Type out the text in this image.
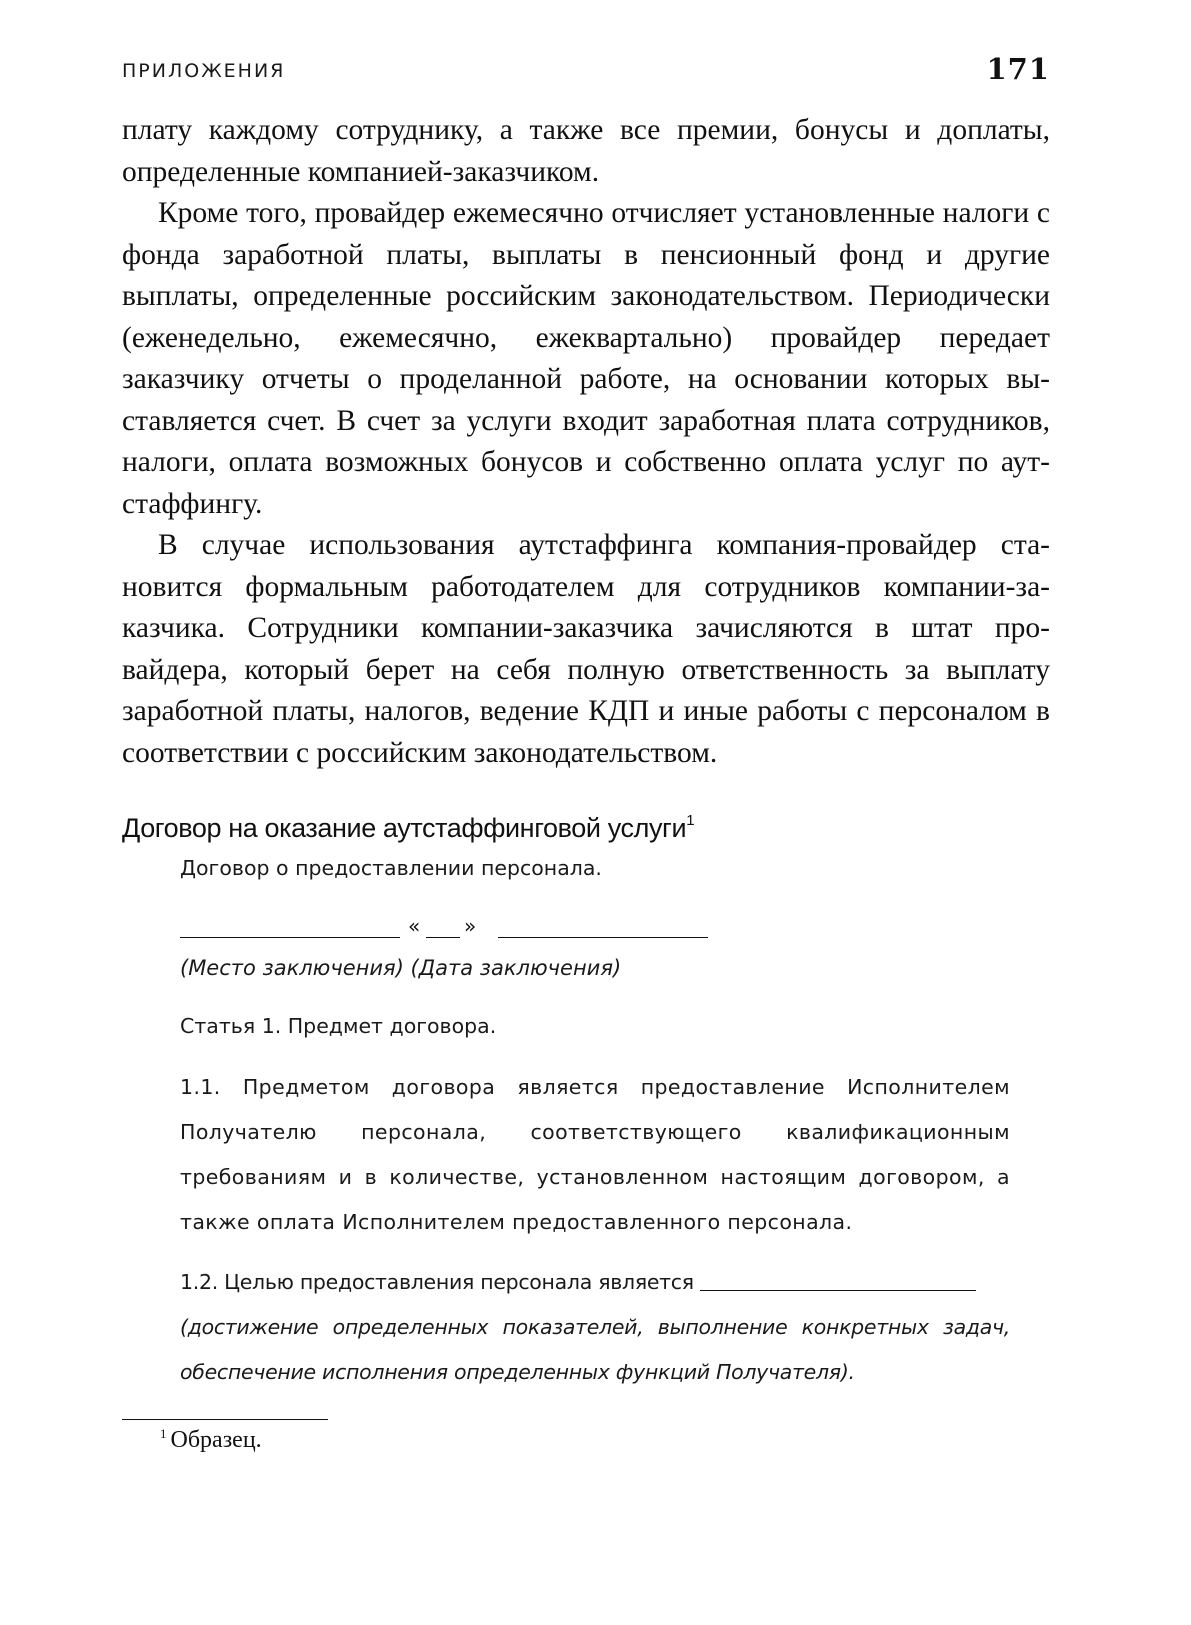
ПРИЛОЖЕНИЯ	171

плату каждому сотруднику, а также все премии, бонусы и доплаты,

определенные компанией-заказчиком.

Кроме того, провайдер ежемесячно отчисляет установленные налоги с фонда заработной платы, выплаты в пенсионный фонд и другие выплаты, определенные российским законодательством. Периодически (еженедельно, ежемесячно, ежеквартально) провайдер передает заказчику отчеты о проделанной работе, на основании которых выставляется счет. В счет за услуги входит заработная плата сотрудников, налоги, оплата возможных бонусов и собственно оплата услуг по аутстаффингу.

В случае использования аутстаффинга компания-провайдер становится формальным работодателем для сотрудников компании-заказчика. Сотрудники компании-заказчика зачисляются в штат провайдера, который берет на себя полную ответственность за выплату заработной платы, налогов, ведение КДП и иные работы с персоналом в соответствии с российским законодательством.

Договор на оказание аутстаффинговой услуги$^1$
Договор о предоставлении персонала.
« »
(Место заключения) (Дата заключения)
Статья 1. Предмет договора.
1.1. Предметом договора является предоставление Исполнителем Получателю персонала, соответствующего квалификационным требованиям и в количестве, установленном настоящим договором, а также оплата Исполнителем предоставленного персонала.
1.2. Целью предоставления персонала является
(достижение определенных показателей, выполнение конкретных задач, обеспечение исполнения определенных функций Получателя).
$^1$ Образец.
